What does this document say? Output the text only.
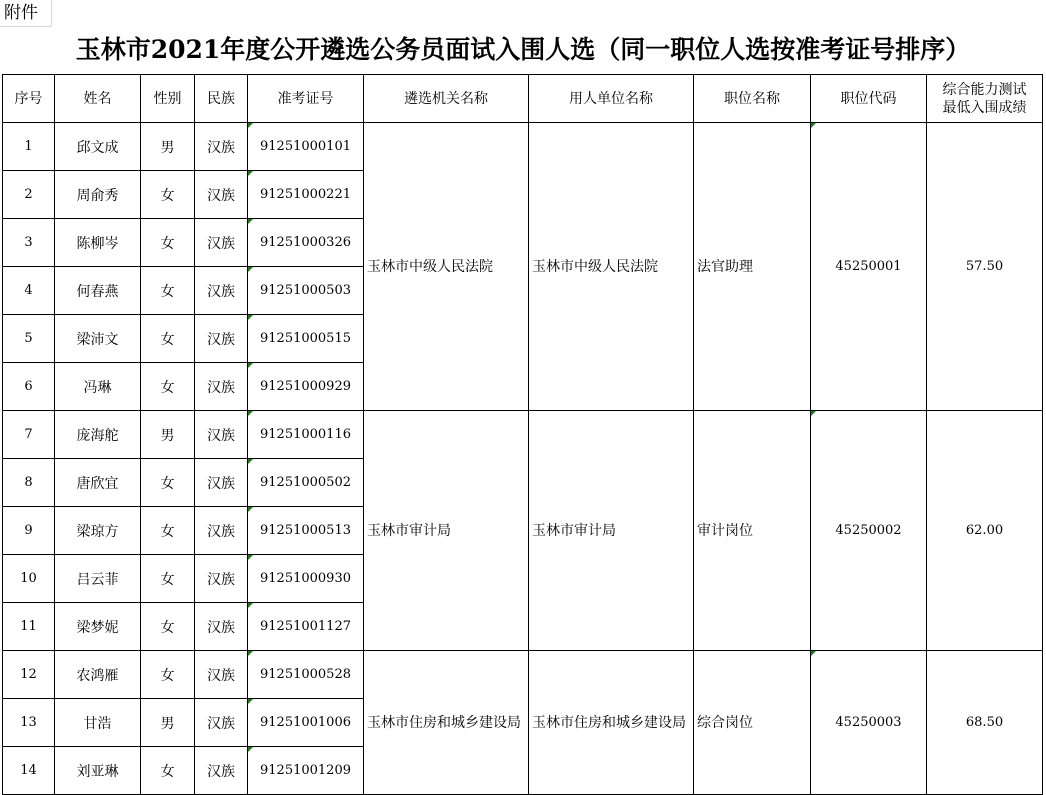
附件
玉林市2021年度公开遴选公务员面试入围人选（同一职位人选按准考证号排序）
序号	姓名	性别	民族	准考证号	遴选机关名称	用人单位名称	职位名称	职位代码	综合能力测试
最低入围成绩
1	邱文成	男	汉族	91251000101	玉林市中级人民法院	玉林市中级人民法院	法官助理	45250001	57.50
2	周俞秀	女	汉族	91251000221					
3	陈柳岑	女	汉族	91251000326					
4	何春燕	女	汉族	91251000503					
5	梁沛文	女	汉族	91251000515					
6	冯琳	女	汉族	91251000929					
7	庞海舵	男	汉族	91251000116	玉林市审计局	玉林市审计局	审计岗位	45250002	62.00
8	唐欣宜	女	汉族	91251000502					
9	梁琼方	女	汉族	91251000513					
10	吕云菲	女	汉族	91251000930					
11	梁梦妮	女	汉族	91251001127					
12	农鸿雁	女	汉族	91251000528	玉林市住房和城乡建设局	玉林市住房和城乡建设局	综合岗位	45250003	68.50
13	甘浩	男	汉族	91251001006					
14	刘亚琳	女	汉族	91251001209					
